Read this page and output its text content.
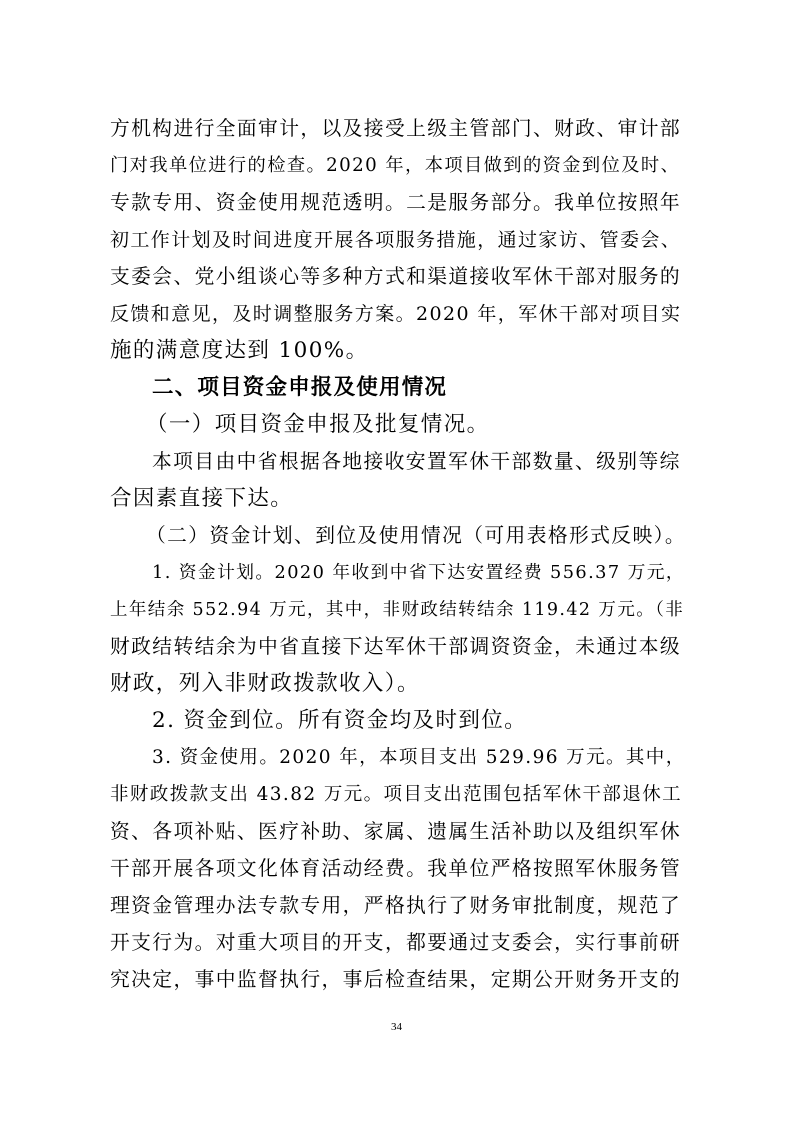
方机构进行全面审计，以及接受上级主管部门、财政、审计部
门对我单位进行的检查。2020 年，本项目做到的资金到位及时、
专款专用、资金使用规范透明。二是服务部分。我单位按照年
初工作计划及时间进度开展各项服务措施，通过家访、管委会、
支委会、党小组谈心等多种方式和渠道接收军休干部对服务的
反馈和意见，及时调整服务方案。2020 年，军休干部对项目实
施的满意度达到 100%。
二、项目资金申报及使用情况
（一）项目资金申报及批复情况。
本项目由中省根据各地接收安置军休干部数量、级别等综
合因素直接下达。
（二）资金计划、到位及使用情况（可用表格形式反映）。
1. 资金计划。2020 年收到中省下达安置经费 556.37 万元，
上年结余 552.94 万元，其中，非财政结转结余 119.42 万元。（非
财政结转结余为中省直接下达军休干部调资资金，未通过本级
财政，列入非财政拨款收入）。
2. 资金到位。所有资金均及时到位。
3. 资金使用。2020 年，本项目支出 529.96 万元。其中，
非财政拨款支出 43.82 万元。项目支出范围包括军休干部退休工
资、各项补贴、医疗补助、家属、遗属生活补助以及组织军休
干部开展各项文化体育活动经费。我单位严格按照军休服务管
理资金管理办法专款专用，严格执行了财务审批制度，规范了
开支行为。对重大项目的开支，都要通过支委会，实行事前研
究决定，事中监督执行，事后检查结果，定期公开财务开支的
34
